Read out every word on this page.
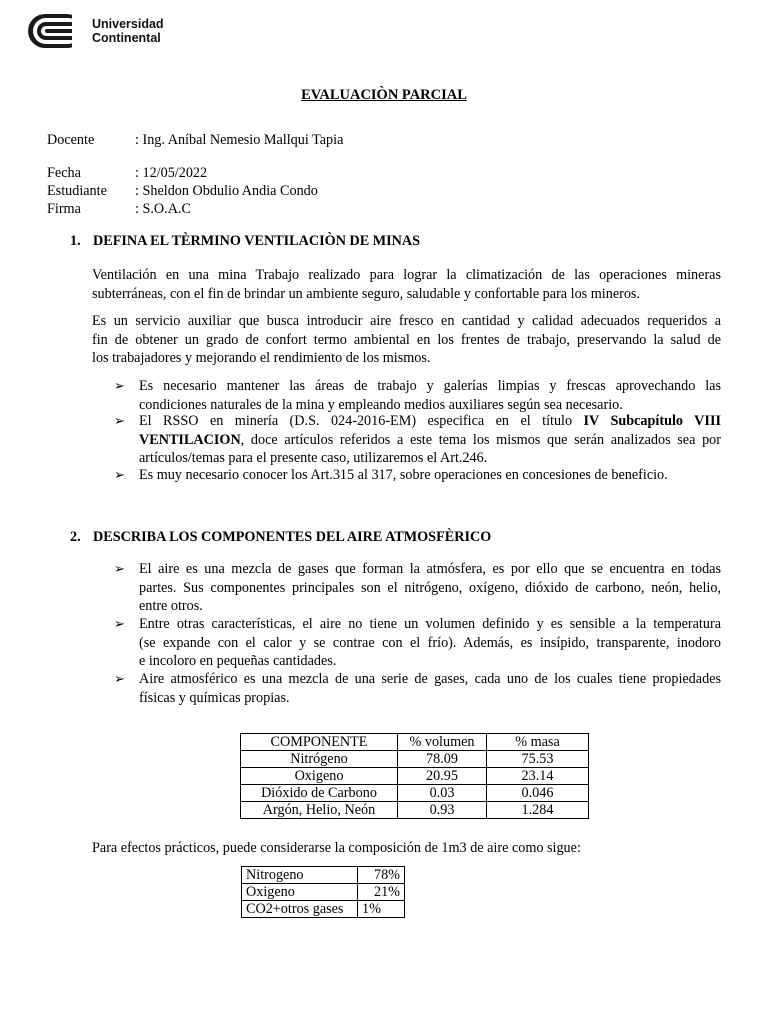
Universidad
Continental
EVALUACIÒN PARCIAL
Docente	: Ing. Aníbal Nemesio Mallqui Tapia
Fecha	: 12/05/2022
Estudiante : Sheldon Obdulio Andia Condo
Firma	: S.O.A.C
1. DEFINA EL TÈRMINO VENTILACIÒN DE MINAS
Ventilación en una mina Trabajo realizado para lograr la climatización de las operaciones mineras
subterráneas, con el fin de brindar un ambiente seguro, saludable y confortable para los mineros.
Es un servicio auxiliar que busca introducir aire fresco en cantidad y calidad adecuados requeridos a
fin de obtener un grado de confort termo ambiental en los frentes de trabajo, preservando la salud de
los trabajadores y mejorando el rendimiento de los mismos.
➢ Es necesario mantener las áreas de trabajo y galerías limpias y frescas aprovechando las
condiciones naturales de la mina y empleando medios auxiliares según sea necesario.
➢ El RSSO en minería (D.S. 024-2016-EM) especifica en el título IV Subcapítulo VIII
VENTILACION, doce artículos referidos a este tema los mismos que serán analizados sea por
artículos/temas para el presente caso, utilizaremos el Art.246.
➢ Es muy necesario conocer los Art.315 al 317, sobre operaciones en concesiones de beneficio.
2. DESCRIBA LOS COMPONENTES DEL AIRE ATMOSFÈRICO
➢ El aire es una mezcla de gases que forman la atmósfera, es por ello que se encuentra en todas
partes. Sus componentes principales son el nitrógeno, oxígeno, dióxido de carbono, neón, helio,
entre otros.
➢ Entre otras características, el aire no tiene un volumen definido y es sensible a la temperatura
(se expande con el calor y se contrae con el frío). Además, es insípido, transparente, inodoro
e incoloro en pequeñas cantidades.
➢ Aire atmosférico es una mezcla de una serie de gases, cada uno de los cuales tiene propiedades
físicas y químicas propias.
COMPONENTE	% volumen	% masa
Nitrógeno	78.09	75.53
Oxigeno	20.95	23.14
Dióxido de Carbono	0.03	0.046
Argón, Helio, Neón	0.93	1.284
Para efectos prácticos, puede considerarse la composición de 1m3 de aire como sigue:
Nitrogeno	78%
Oxigeno	21%
CO2+otros gases	1%
